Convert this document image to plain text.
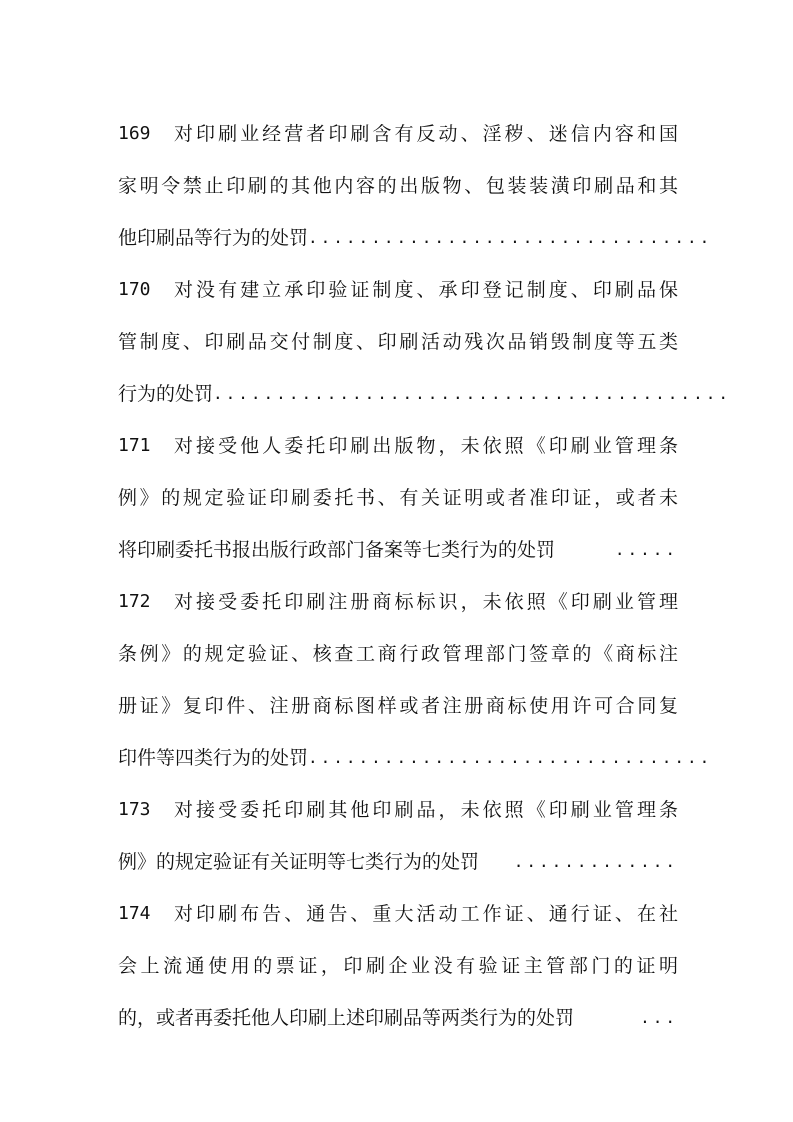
169	对印刷业经营者印刷含有反动、淫秽、迷信内容和国
家明令禁止印刷的其他内容的出版物、包装装潢印刷品和其
他印刷品等行为的处罚 ................................
170	对没有建立承印验证制度、承印登记制度、印刷品保
管制度、印刷品交付制度、印刷活动残次品销毁制度等五类
行为的处罚 .........................................
171	对接受他人委托印刷出版物，未依照《印刷业管理条
例》的规定验证印刷委托书、有关证明或者准印证，或者未
将印刷委托书报出版行政部门备案等七类行为的处罚	.....
172	对接受委托印刷注册商标标识，未依照《印刷业管理
条例》的规定验证、核查工商行政管理部门签章的《商标注
册证》复印件、注册商标图样或者注册商标使用许可合同复
印件等四类行为的处罚 ................................
173	对接受委托印刷其他印刷品，未依照《印刷业管理条
例》的规定验证有关证明等七类行为的处罚	.............
174	对印刷布告、通告、重大活动工作证、通行证、在社
会上流通使用的票证，印刷企业没有验证主管部门的证明
的，或者再委托他人印刷上述印刷品等两类行为的处罚	...
